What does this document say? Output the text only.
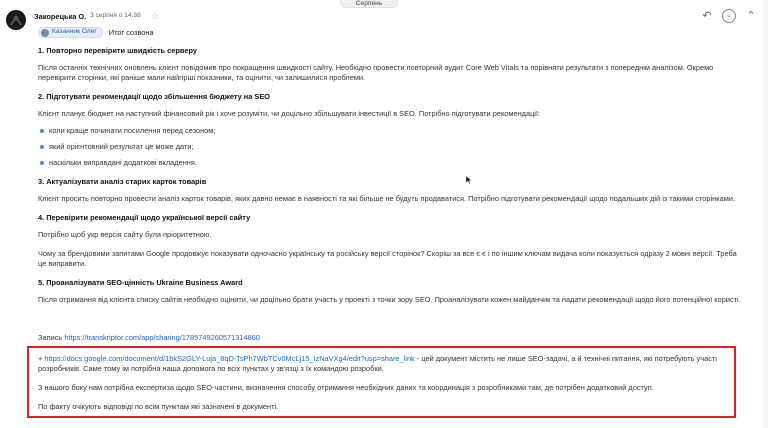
Серпень
Закорецька О. 3 серпня о 14:38 ☆	↶	⌄	⌃
Казанник Олег Итог созвона
1. Повторно перевірити швидкість серверу

Після останніх технічних оновлень клієнт повідомив про покращення швидкості сайту. Необхідно провести повторний аудит Core Web Vitals та порівняти результати з попереднім аналізом. Окремо перевірити сторінки, які раніше мали найгірші показники, та оцінити, чи залишилися проблеми.

2. Підготувати рекомендації щодо збільшення бюджету на SEO

Клієнт планує бюджет на наступний фінансовий рік і хоче розуміти, чи доцільно збільшувати інвестиції в SEO. Потрібно підготувати рекомендації:

коли краще починати посилення перед сезоном;
який орієнтовний результат це може дати;
наскільки виправдані додаткові вкладення.
3. Актуалізувати аналіз старих карток товарів

Клієнт просить повторно провести аналіз карток товарів, яких давно немає в наявності та які більше не будуть продаватися. Потрібно підготувати рекомендації щодо подальших дій із такими сторінками.

4. Перевірити рекомендації щодо української версії сайту

Потрібно щоб укр версія сайту була пріоритетною.

Чому за брендовими запитами Google продовжує показувати одночасно українську та російську версії сторінок? Скоріш за все є є і по іншим ключам видача коли показується одразу 2 мовні версії. Треба це виправити.

5. Проаналізувати SEO-цінність Ukraine Business Award

Після отримання від клієнта списку сайтів необхідно оцінити, чи доцільно брати участь у проекті з точки зору SEO. Проаналізувати кожен майданчик та надати рекомендації щодо його потенційної користі.

Запись https://transkriptor.com/app/sharing/1785749260571314860

+ https://docs.google.com/document/d/1bkS2GLY-Luja_8qD-TsPh7WbTCv0McLj15_IzNaVXg4/edit?usp=share_link - цей документ містить не лише SEO-задачі, а й технічні питання, які потребують участі розробників. Саме тому ім потрібна наша допомога по всіх пунктах у зв'язці з їх командою розробки.

З нашого боку нам потрібна експертиза щодо SEO-частини, визначення способу отримання необхідних даних та координація з розробниками там, де потрібен додатковий доступ.

По факту очікують відповіді по всім пунктам які зазначені в документі.
